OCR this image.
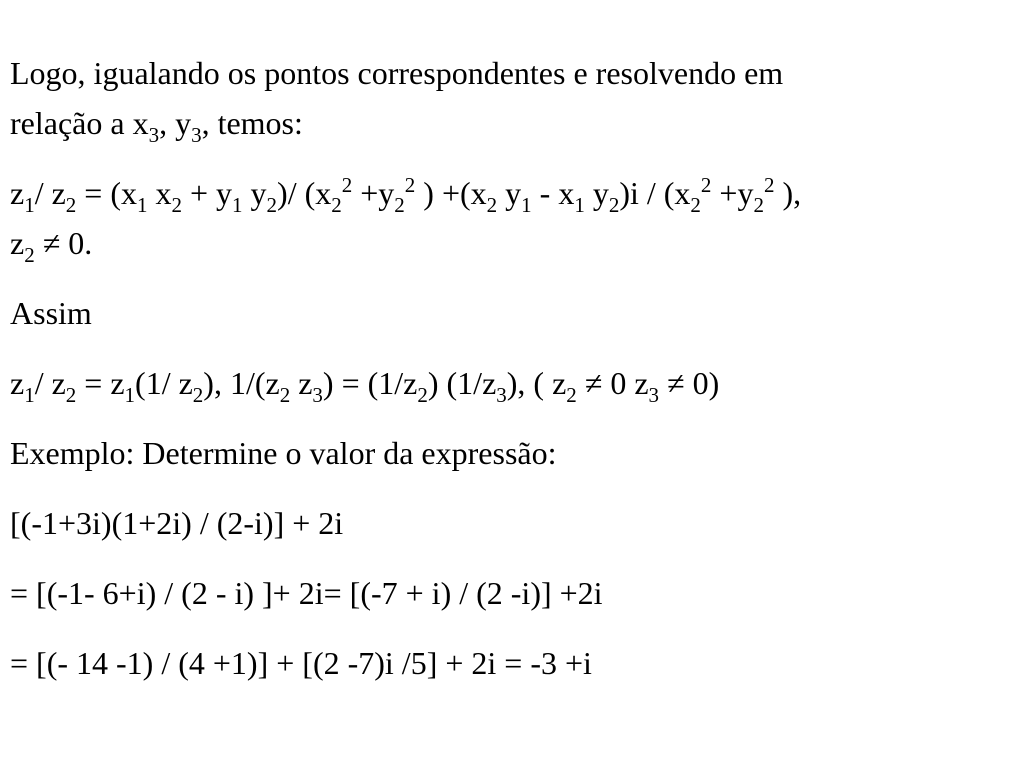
Logo, igualando os pontos correspondentes e resolvendo em
relação a $x_3$, $y_3$, temos:
$z_1/$ $z_2 = (x_1$ $x_2 + y_1$ $y_2)/$ ($x_2^2 +y_2^2$ ) $+(x_2$ $y_1 - x_1$ $y_2)i / (x_2^2 +y_2^2$ ),
$z_2 \ne 0$.
Assim
$z_1/$ $z_2 = z_1(1/$ $z_2$), $1/(z_2$ $z_3) = (1/z_2)$ $(1/z_3)$, ( $z_2 \ne 0$ $z_3 \ne 0$)
Exemplo: Determine o valor da expressão:
[(-1+3i)(1+2i) / (2-i)] + 2i
= [(-1- 6+i) / (2 - i) ]+ 2i= [(-7 + i) / (2 -i)] +2i
= [(- 14 -1) / (4 +1)] + [(2 -7)i /5] + 2i = -3 +i
